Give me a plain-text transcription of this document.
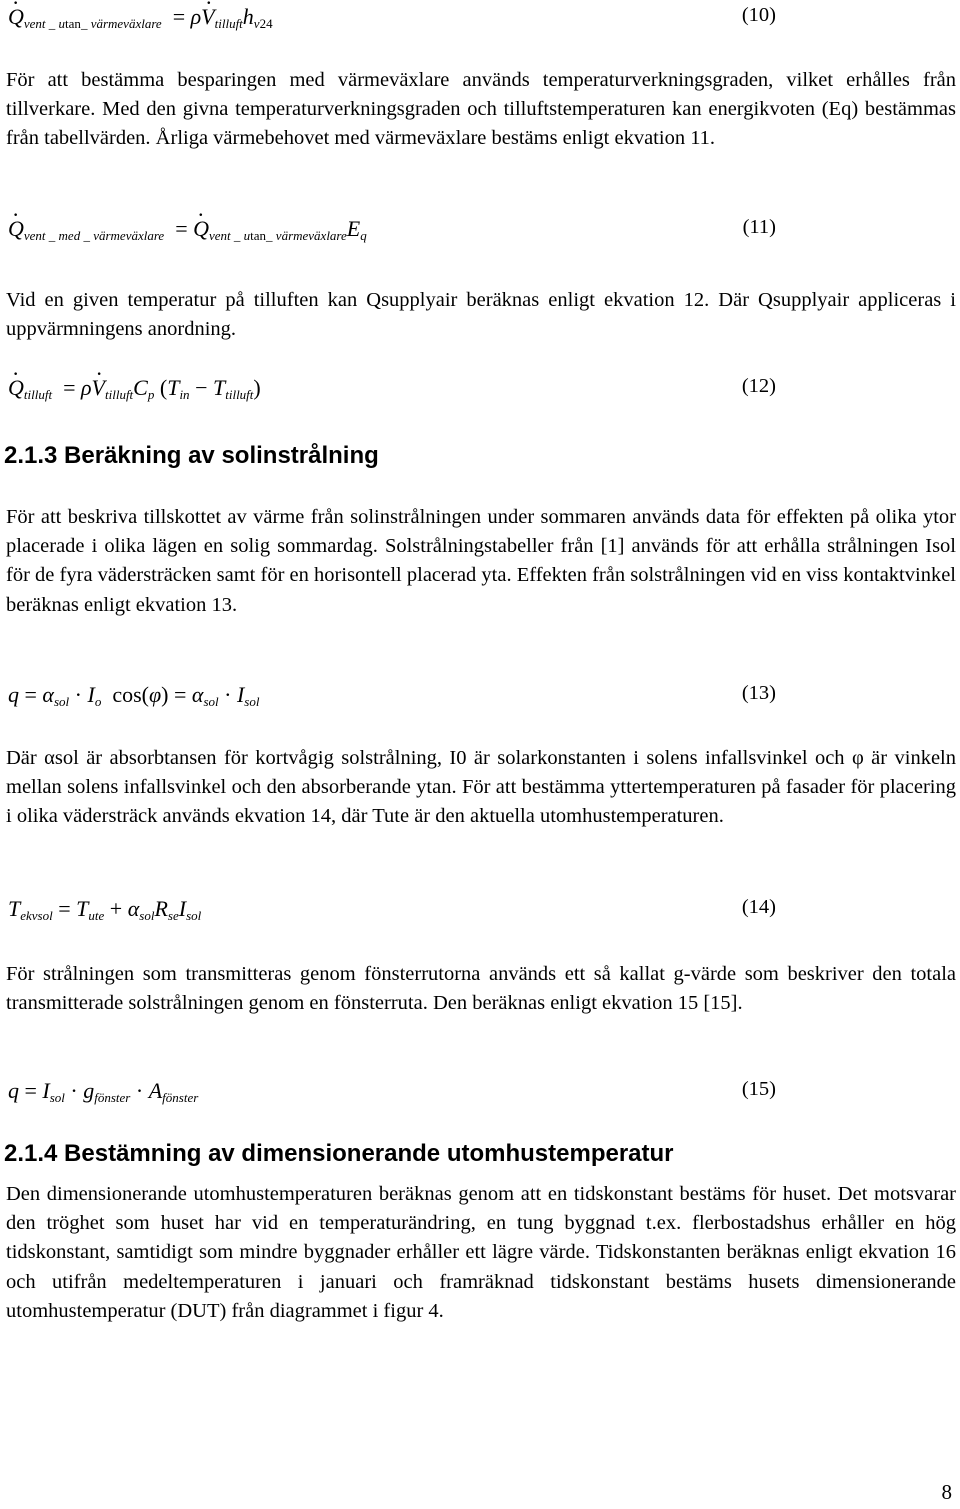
· Qvent _ utan_ värmeväxlare  = ρ· Vtillufthv24	(10)
För att bestämma besparingen med värmeväxlare används temperaturverkningsgraden, vilket erhålles från tillverkare. Med den givna temperaturverkningsgraden och tilluftstemperaturen kan energikvoten (Eq) bestämmas från tabellvärden. Årliga värmebehovet med värmeväxlare bestäms enligt ekvation 11.
· Qvent _ med _ värmeväxlare  = · Qvent _ utan_ värmeväxlareEq	(11)
Vid en given temperatur på tilluften kan Qsupplyair beräknas enligt ekvation 12. Där Qsupplyair appliceras i uppvärmningens anordning.
· Qtilluft  = ρ· VtilluftCp (Tin − Ttilluft)	(12)
2.1.3 Beräkning av solinstrålning
För att beskriva tillskottet av värme från solinstrålningen under sommaren används data för effekten på olika ytor placerade i olika lägen en solig sommardag. Solstrålningstabeller från [1] används för att erhålla strålningen Isol för de fyra vädersträcken samt för en horisontell placerad yta. Effekten från solstrålningen vid en viss kontaktvinkel beräknas enligt ekvation 13.
q = αsol · Io  cos(φ) = αsol · Isol	(13)
Där αsol är absorbtansen för kortvågig solstrålning, I0 är solarkonstanten i solens infallsvinkel och φ är vinkeln mellan solens infallsvinkel och den absorberande ytan. För att bestämma yttertemperaturen på fasader för placering i olika vädersträck används ekvation 14, där Tute är den aktuella utomhustemperaturen.
Tekvsol = Tute + αsolRseIsol	(14)
För strålningen som transmitteras genom fönsterrutorna används ett så kallat g-värde som beskriver den totala transmitterade solstrålningen genom en fönsterruta. Den beräknas enligt ekvation 15 [15].
q = Isol · gfönster · Afönster	(15)
2.1.4 Bestämning av dimensionerande utomhustemperatur
Den dimensionerande utomhustemperaturen beräknas genom att en tidskonstant bestäms för huset. Det motsvarar den tröghet som huset har vid en temperaturändring, en tung byggnad t.ex. flerbostadshus erhåller en hög tidskonstant, samtidigt som mindre byggnader erhåller ett lägre värde. Tidskonstanten beräknas enligt ekvation 16 och utifrån medeltemperaturen i januari och framräknad tidskonstant bestäms husets dimensionerande utomhustemperatur (DUT) från diagrammet i figur 4.
8
